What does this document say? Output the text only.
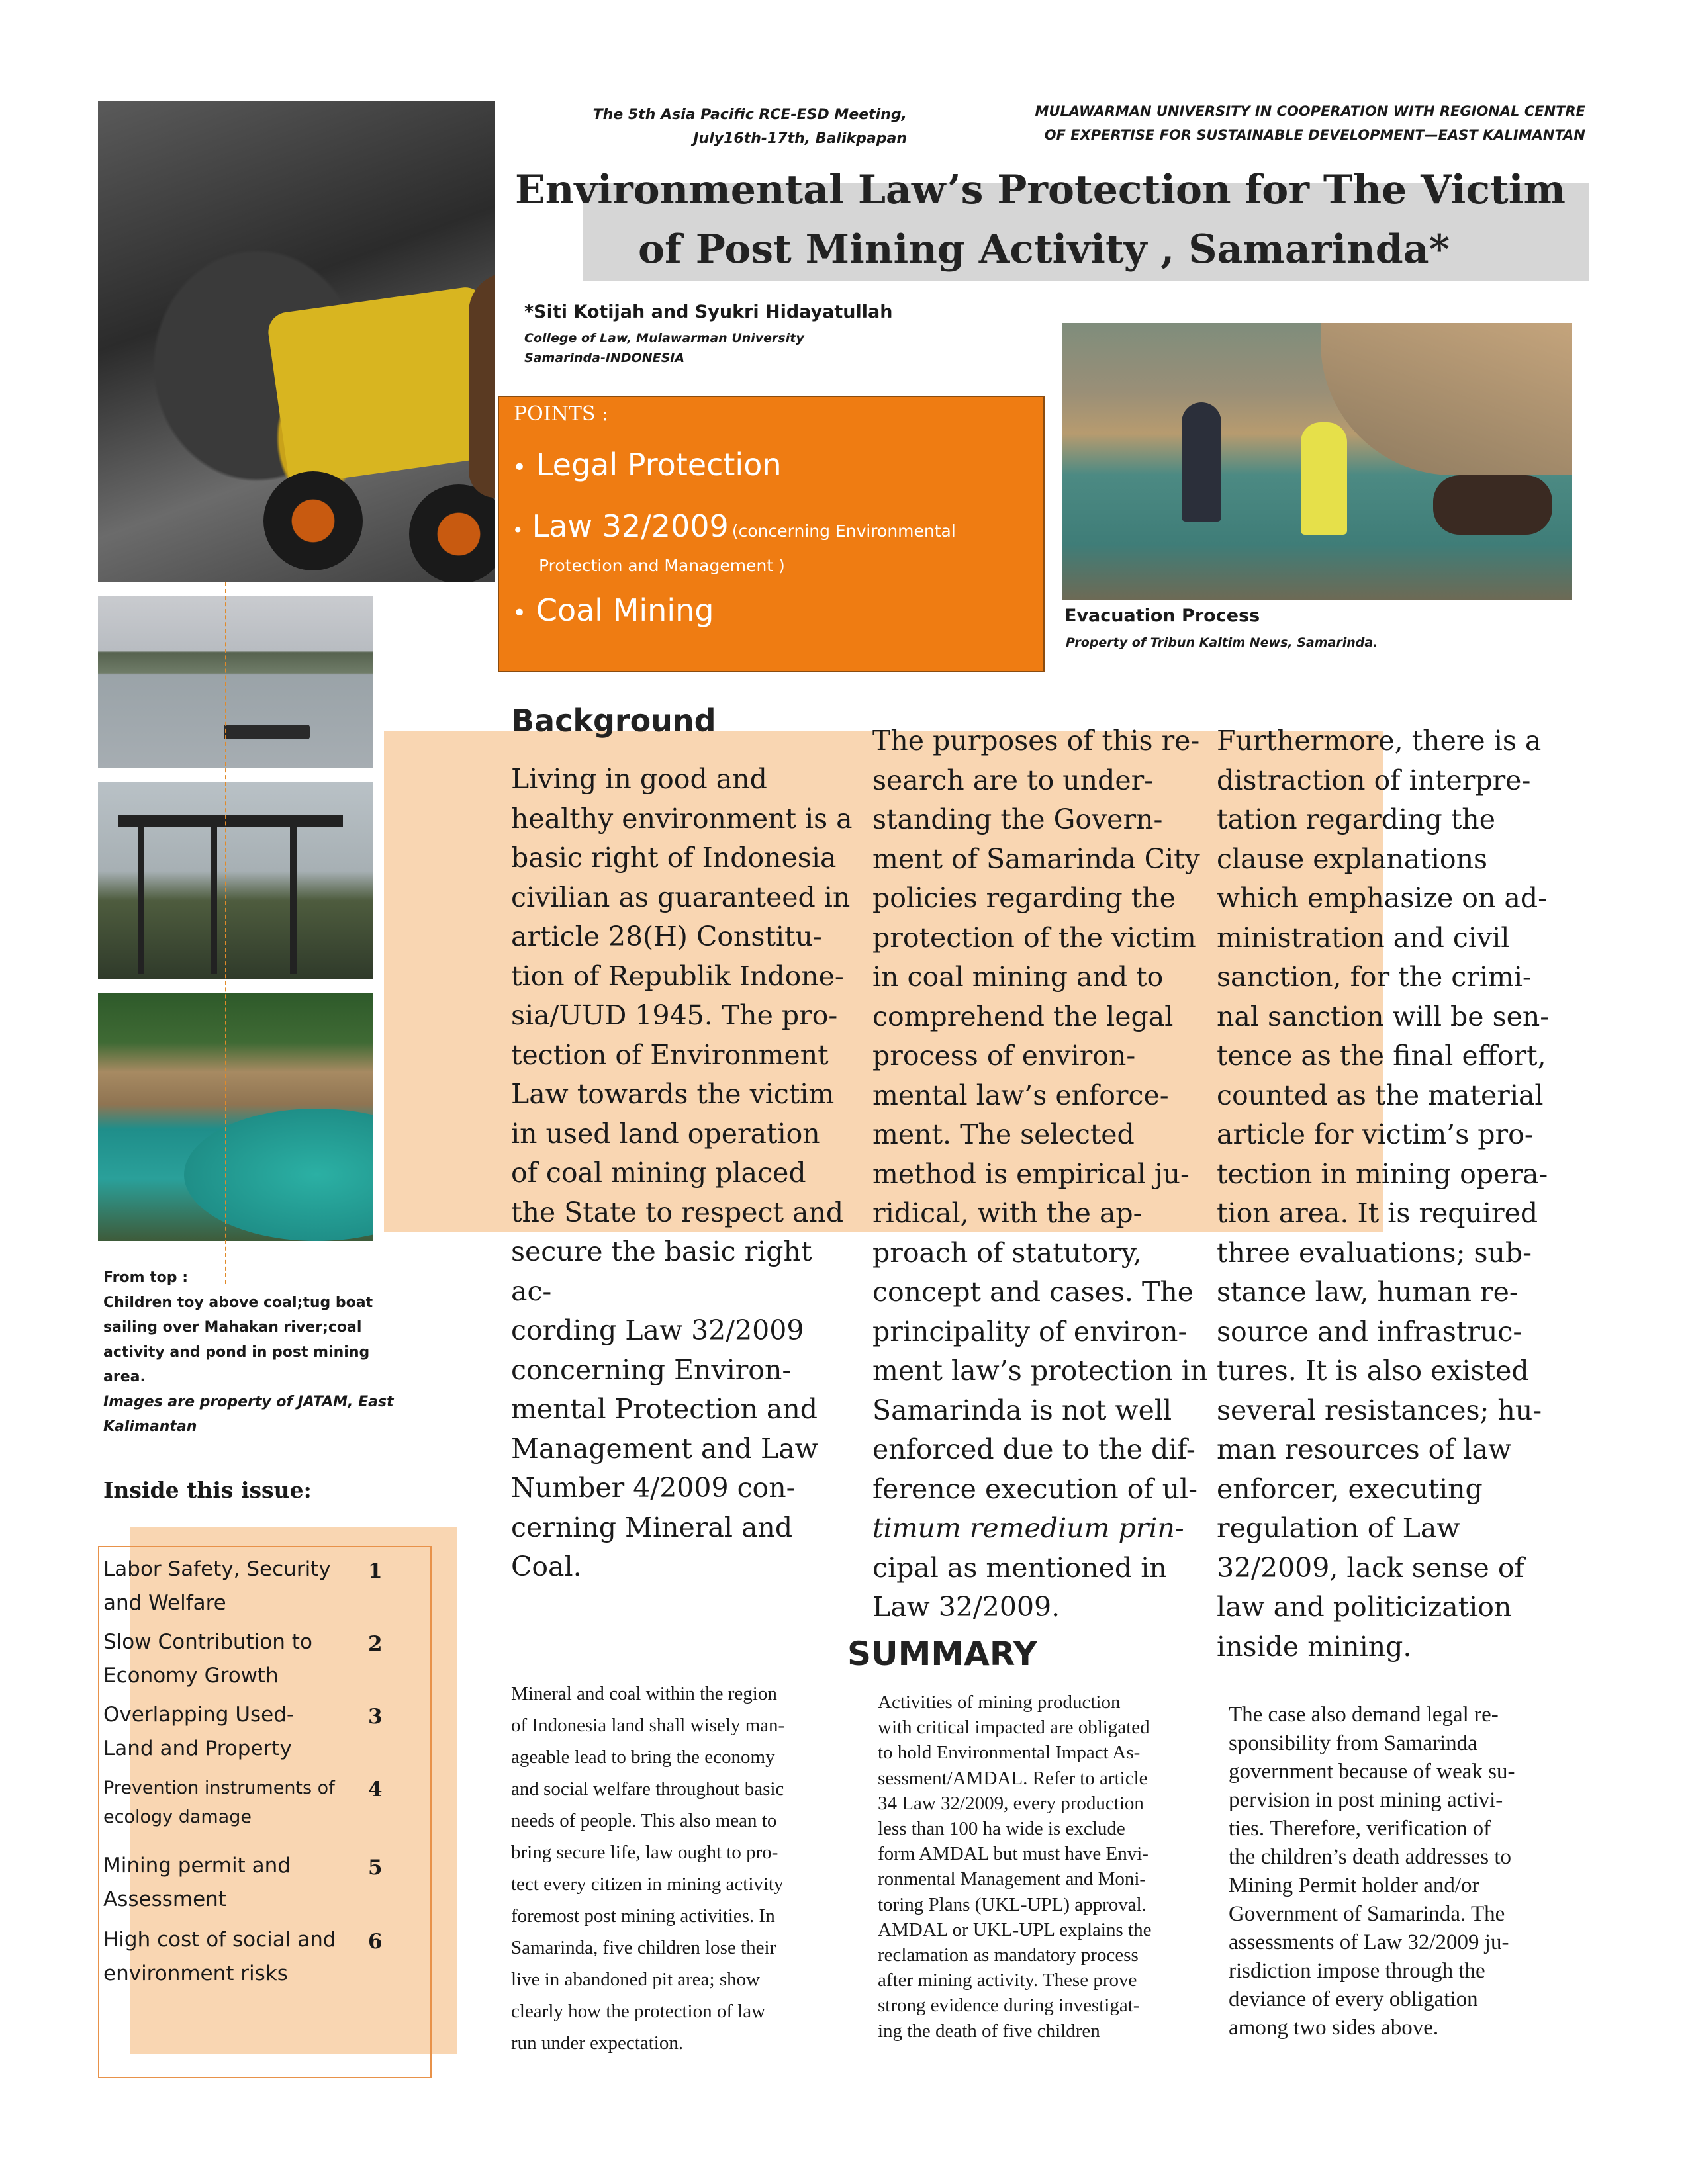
The 5th Asia Pacific RCE-ESD Meeting,
July16th-17th, Balikpapan
MULAWARMAN UNIVERSITY IN COOPERATION WITH REGIONAL CENTRE
OF EXPERTISE FOR SUSTAINABLE DEVELOPMENT—EAST KALIMANTAN
Environmental Law’s Protection for The Victim
of Post Mining Activity , Samarinda*
*Siti Kotijah and Syukri Hidayatullah
College of Law, Mulawarman University
Samarinda-INDONESIA
POINTS :
• Legal Protection
• Law 32/2009 (concerning Environmental
Protection and Management )
• Coal Mining	Evacuation Process
Property of Tribun Kaltim News, Samarinda.
From top :
Children toy above coal;tug boat
sailing over Mahakan river;coal
activity and pond in post mining
area.
Images are property of JATAM, East
Kalimantan
Background
Living in good and
healthy environment is a
basic right of Indonesia
civilian as guaranteed in
article 28(H) Constitu-
tion of Republik Indone-
sia/UUD 1945. The pro-
tection of Environment
Law towards the victim
in used land operation
of coal mining placed
the State to respect and
secure the basic right ac-
cording Law 32/2009
concerning Environ-
mental Protection and
Management and Law
Number 4/2009 con-
cerning Mineral and
Coal.
The purposes of this re-
search are to under-
standing the Govern-
ment of Samarinda City
policies regarding the
protection of the victim
in coal mining and to
comprehend the legal
process of environ-
mental law’s enforce-
ment. The selected
method is empirical ju-
ridical, with the ap-
proach of statutory,
concept and cases. The
principality of environ-
ment law’s protection in
Samarinda is not well
enforced due to the dif-
ference execution of ul-
timum remedium prin-
cipal as mentioned in
Law 32/2009.
Furthermore, there is a
distraction of interpre-
tation regarding the
clause explanations
which emphasize on ad-
ministration and civil
sanction, for the crimi-
nal sanction will be sen-
tence as the final effort,
counted as the material
article for victim’s pro-
tection in mining opera-
tion area. It is required
three evaluations; sub-
stance law, human re-
source and infrastruc-
tures. It is also existed
several resistances; hu-
man resources of law
enforcer, executing
regulation of Law
32/2009, lack sense of
law and politicization
inside mining.
SUMMARY
Mineral and coal within the region
of Indonesia land shall wisely man-
ageable lead to bring the economy
and social welfare throughout basic
needs of people. This also mean to
bring secure life, law ought to pro-
tect every citizen in mining activity
foremost post mining activities. In
Samarinda, five children lose their
live in abandoned pit area; show
clearly how the protection of law
run under expectation.
Activities of mining production
with critical impacted are obligated
to hold Environmental Impact As-
sessment/AMDAL. Refer to article
34 Law 32/2009, every production
less than 100 ha wide is exclude
form AMDAL but must have Envi-
ronmental Management and Moni-
toring Plans (UKL-UPL) approval.
AMDAL or UKL-UPL explains the
reclamation as mandatory process
after mining activity. These prove
strong evidence during investigat-
ing the death of five children
The case also demand legal re-
sponsibility from Samarinda
government because of weak su-
pervision in post mining activi-
ties. Therefore, verification of
the children’s death addresses to
Mining Permit holder and/or
Government of Samarinda. The
assessments of Law 32/2009 ju-
risdiction impose through the
deviance of every obligation
among two sides above.
Inside this issue:
Labor Safety, Security
and Welfare
1
Slow Contribution to
Economy Growth
2
Overlapping Used-
Land and Property
3
Prevention instruments of
ecology damage
4
Mining permit and
Assessment
5
High cost of social and
environment risks
6
